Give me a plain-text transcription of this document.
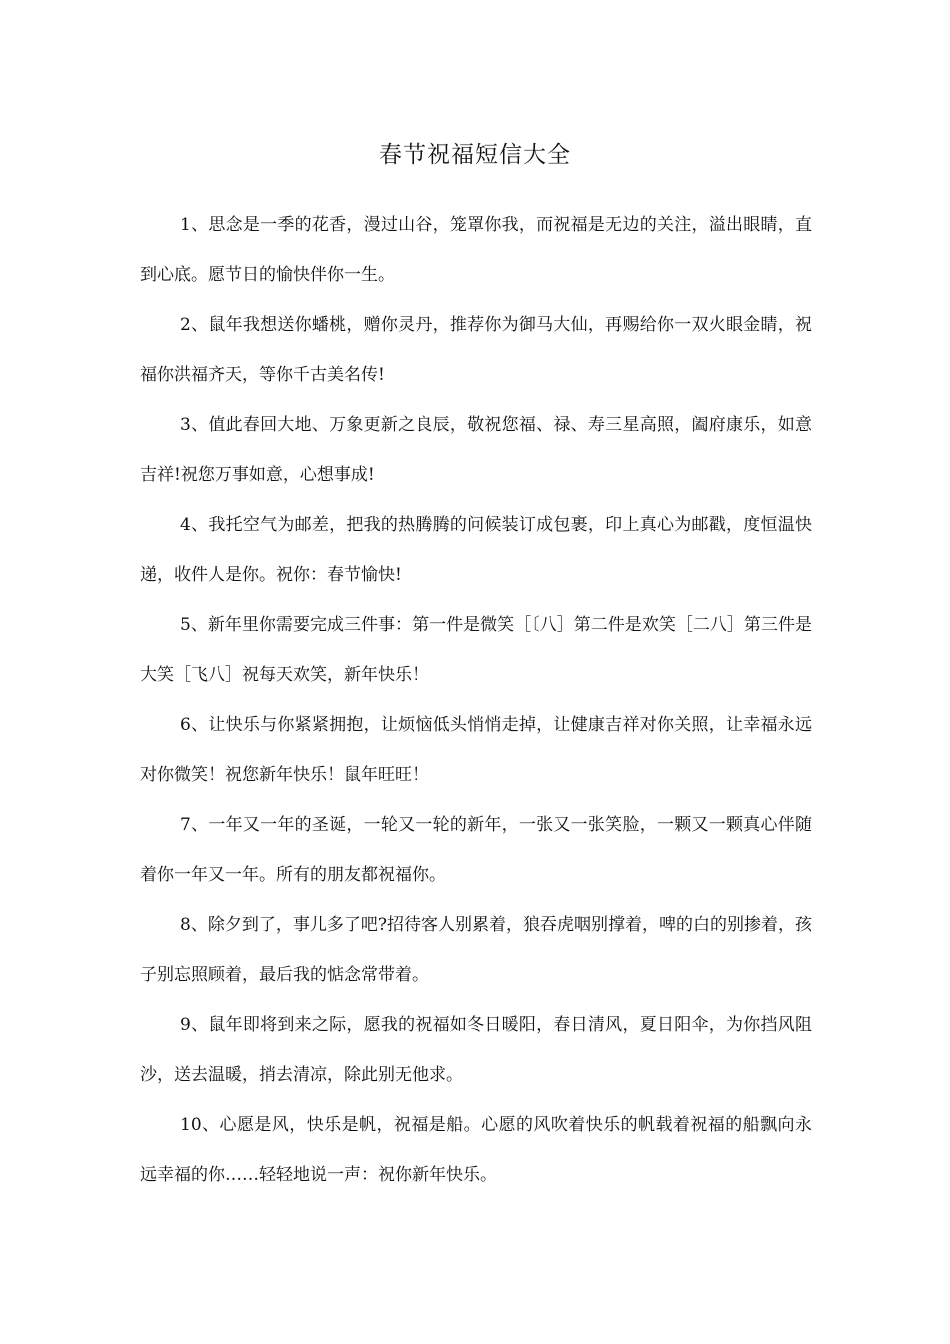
春节祝福短信大全

1、思念是一季的花香，漫过山谷，笼罩你我，而祝福是无边的关注，溢出眼睛，直到心底。愿节日的愉快伴你一生。

2、鼠年我想送你蟠桃，赠你灵丹，推荐你为御马大仙，再赐给你一双火眼金睛，祝福你洪福齐天，等你千古美名传!

3、值此春回大地、万象更新之良辰，敬祝您福、禄、寿三星高照，阖府康乐，如意吉祥!祝您万事如意，心想事成!

4、我托空气为邮差，把我的热腾腾的问候装订成包裹，印上真心为邮戳，度恒温快递，收件人是你。祝你：春节愉快!

5、新年里你需要完成三件事：第一件是微笑［〔八］第二件是欢笑［二八］第三件是大笑［飞八］祝每天欢笑，新年快乐！

6、让快乐与你紧紧拥抱，让烦恼低头悄悄走掉，让健康吉祥对你关照，让幸福永远对你微笑！祝您新年快乐！鼠年旺旺！

7、一年又一年的圣诞，一轮又一轮的新年，一张又一张笑脸，一颗又一颗真心伴随着你一年又一年。所有的朋友都祝福你。

8、除夕到了，事儿多了吧?招待客人别累着，狼吞虎咽别撑着，啤的白的别掺着，孩子别忘照顾着，最后我的惦念常带着。

9、鼠年即将到来之际，愿我的祝福如冬日暖阳，春日清风，夏日阳伞，为你挡风阻沙，送去温暖，捎去清凉，除此别无他求。

10、心愿是风，快乐是帆，祝福是船。心愿的风吹着快乐的帆载着祝福的船飘向永远幸福的你……轻轻地说一声：祝你新年快乐。
